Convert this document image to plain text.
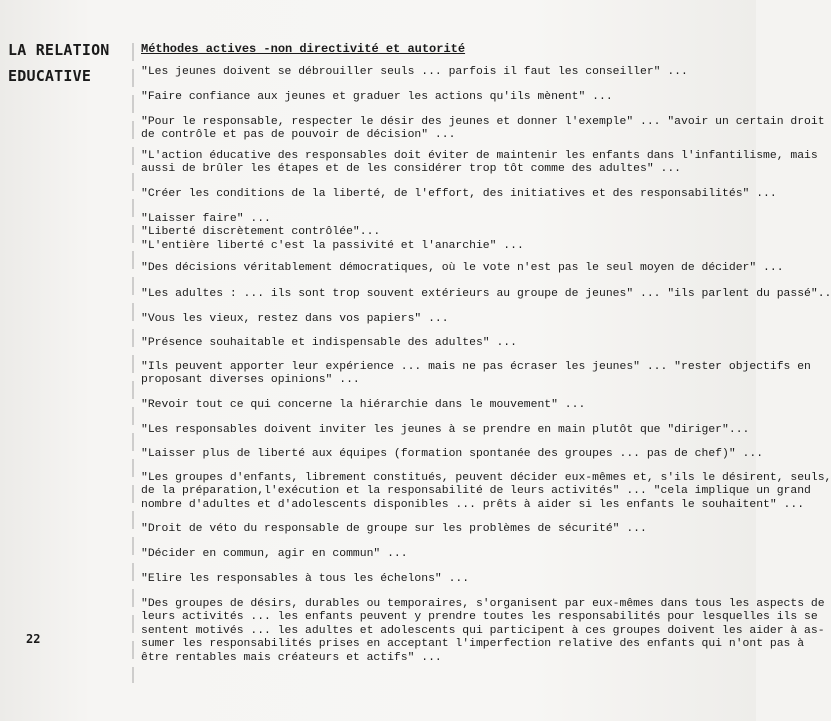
LA RELATION
EDUCATIVE
Méthodes actives -non directivité et autorité
"Les jeunes doivent se débrouiller seuls ... parfois il faut les conseiller" ...
"Faire confiance aux jeunes et graduer les actions qu'ils mènent" ...
"Pour le responsable, respecter le désir des jeunes et donner l'exemple" ... "avoir un certain droit
de contrôle et pas de pouvoir de décision" ...
"L'action éducative des responsables doit éviter de maintenir les enfants dans l'infantilisme, mais
aussi de brûler les étapes et de les considérer trop tôt comme des adultes" ...
"Créer les conditions de la liberté, de l'effort, des initiatives et des responsabilités" ...
"Laisser faire" ...
"Liberté discrètement contrôlée"...
"L'entière liberté c'est la passivité et l'anarchie" ...
"Des décisions véritablement démocratiques, où le vote n'est pas le seul moyen de décider" ...
"Les adultes : ... ils sont trop souvent extérieurs au groupe de jeunes" ... "ils parlent du passé"..
"Vous les vieux, restez dans vos papiers" ...
"Présence souhaitable et indispensable des adultes" ...
"Ils peuvent apporter leur expérience ... mais ne pas écraser les jeunes" ... "rester objectifs en
proposant diverses opinions" ...
"Revoir tout ce qui concerne la hiérarchie dans le mouvement" ...
"Les responsables doivent inviter les jeunes à se prendre en main plutôt que "diriger"...
"Laisser plus de liberté aux équipes (formation spontanée des groupes ... pas de chef)" ...
"Les groupes d'enfants, librement constitués, peuvent décider eux-mêmes et, s'ils le désirent, seuls,
de la préparation,l'exécution et la responsabilité de leurs activités" ... "cela implique un grand
nombre d'adultes et d'adolescents disponibles ... prêts à aider si les enfants le souhaitent" ...
"Droit de véto du responsable de groupe sur les problèmes de sécurité" ...
"Décider en commun, agir en commun" ...
"Elire les responsables à tous les échelons" ...
"Des groupes de désirs, durables ou temporaires, s'organisent par eux-mêmes dans tous les aspects de
leurs activités ... les enfants peuvent y prendre toutes les responsabilités pour lesquelles ils se
sentent motivés ... les adultes et adolescents qui participent à ces groupes doivent les aider à as-
sumer les responsabilités prises en acceptant l'imperfection relative des enfants qui n'ont pas à
être rentables mais créateurs et actifs" ...
22
